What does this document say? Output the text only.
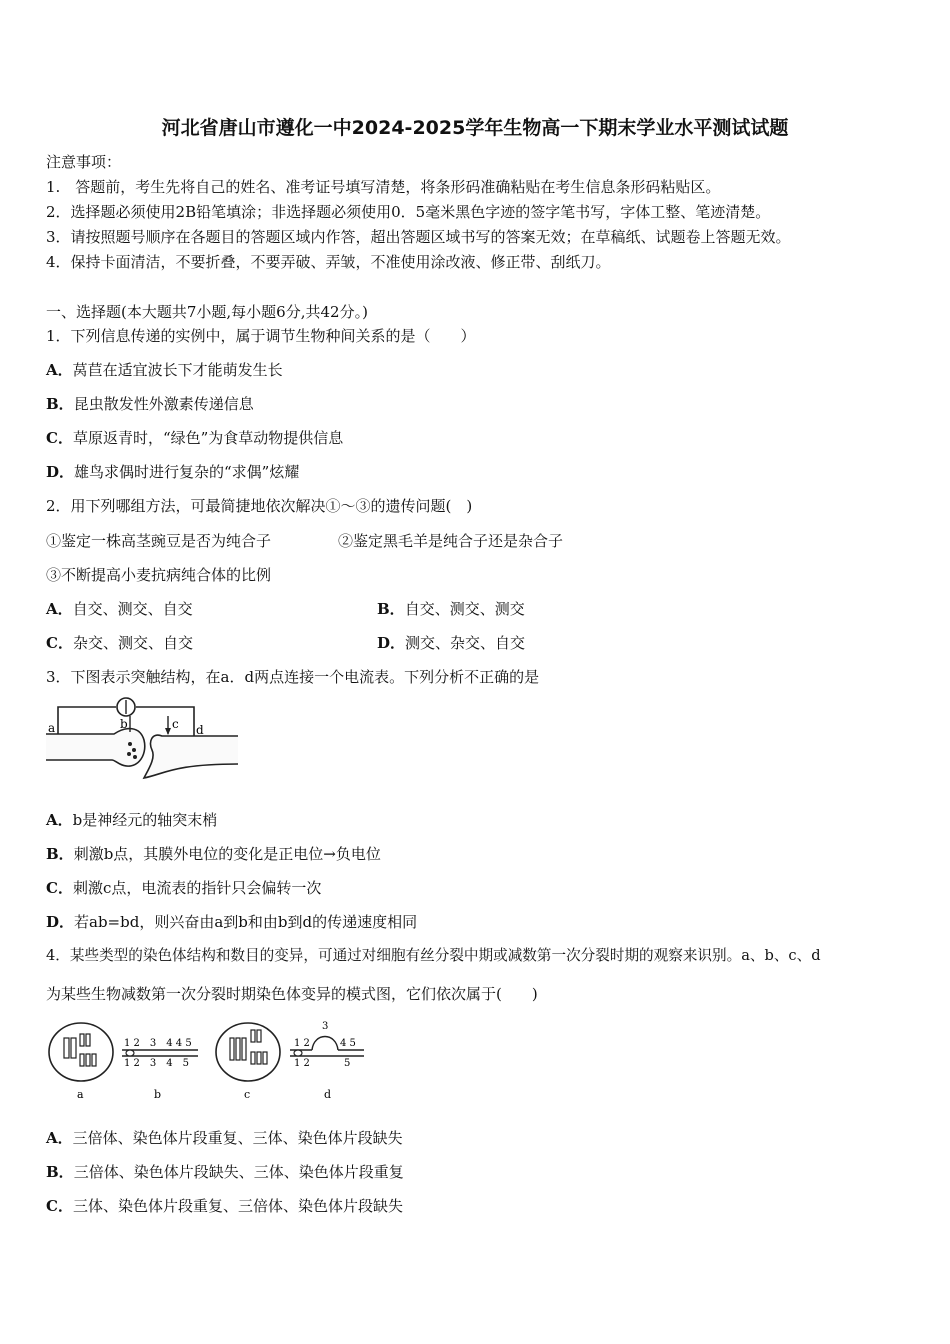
河北省唐山市遵化一中2024-2025学年生物高一下期末学业水平测试试题
注意事项：
1.　答题前，考生先将自己的姓名、准考证号填写清楚，将条形码准确粘贴在考生信息条形码粘贴区。
2．选择题必须使用2B铅笔填涂；非选择题必须使用0．5毫米黑色字迹的签字笔书写，字体工整、笔迹清楚。
3．请按照题号顺序在各题目的答题区域内作答，超出答题区域书写的答案无效；在草稿纸、试题卷上答题无效。
4．保持卡面清洁，不要折叠，不要弄破、弄皱，不准使用涂改液、修正带、刮纸刀。
一、选择题(本大题共7小题,每小题6分,共42分。)
1．下列信息传递的实例中，属于调节生物种间关系的是（　　）
A．莴苣在适宜波长下才能萌发生长
B．昆虫散发性外激素传递信息
C．草原返青时，“绿色”为食草动物提供信息
D．雄鸟求偶时进行复杂的“求偶”炫耀
2．用下列哪组方法，可最简捷地依次解决①～③的遗传问题(　)
①鉴定一株高茎豌豆是否为纯合子	②鉴定黑毛羊是纯合子还是杂合子
③不断提高小麦抗病纯合体的比例
A．自交、测交、自交	B．自交、测交、测交
C．杂交、测交、自交	D．测交、杂交、自交
3．下图表示突触结构，在a．d两点连接一个电流表。下列分析不正确的是
a	b	c d
A．b是神经元的轴突末梢
B．刺激b点，其膜外电位的变化是正电位→负电位
C．刺激c点，电流表的指针只会偏转一次
D．若ab=bd，则兴奋由a到b和由b到d的传递速度相同
4．某些类型的染色体结构和数目的变异，可通过对细胞有丝分裂中期或减数第一次分裂时期的观察来识别。a、b、c、d
为某些生物减数第一次分裂时期染色体变异的模式图，它们依次属于(　　)
a
1 2　3　4 4 5
1 2　3　4　5
b	c
1 2
3
4 5
1 2	5
d
A．三倍体、染色体片段重复、三体、染色体片段缺失
B．三倍体、染色体片段缺失、三体、染色体片段重复
C．三体、染色体片段重复、三倍体、染色体片段缺失
